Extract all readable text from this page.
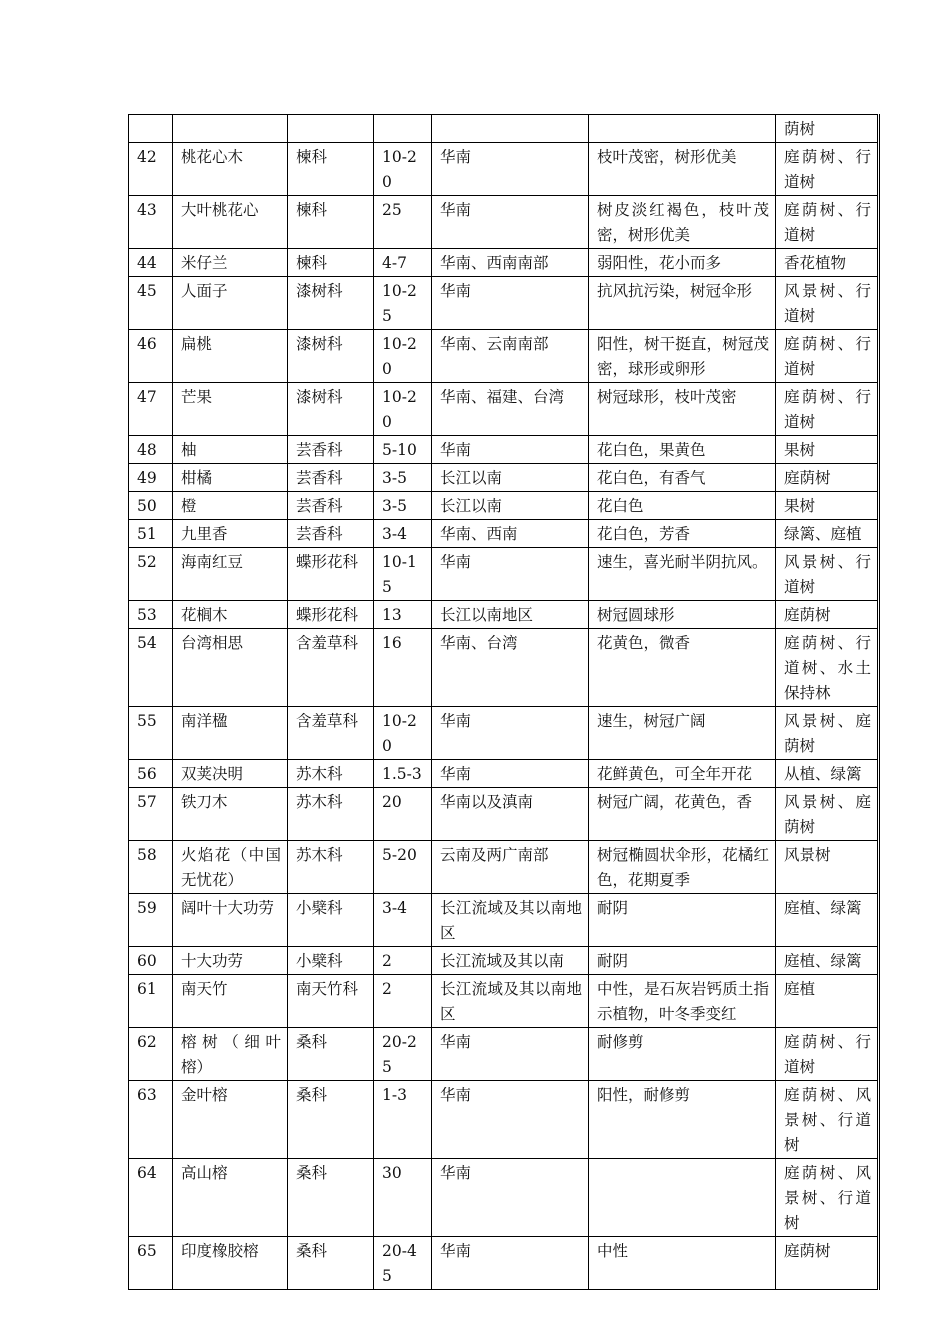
						荫树
42	桃花心木	楝科	10-20	华南	枝叶茂密，树形优美	庭荫树、行道树
43	大叶桃花心	楝科	25	华南	树皮淡红褐色，枝叶茂密，树形优美	庭荫树、行道树
44	米仔兰	楝科	4-7	华南、西南南部	弱阳性，花小而多	香花植物
45	人面子	漆树科	10-25	华南	抗风抗污染，树冠伞形	风景树、行道树
46	扁桃	漆树科	10-20	华南、云南南部	阳性，树干挺直，树冠茂密，球形或卵形	庭荫树、行道树
47	芒果	漆树科	10-20	华南、福建、台湾	树冠球形，枝叶茂密	庭荫树、行道树
48	柚	芸香科	5-10	华南	花白色，果黄色	果树
49	柑橘	芸香科	3-5	长江以南	花白色，有香气	庭荫树
50	橙	芸香科	3-5	长江以南	花白色	果树
51	九里香	芸香科	3-4	华南、西南	花白色，芳香	绿篱、庭植
52	海南红豆	蝶形花科	10-15	华南	速生，喜光耐半阴抗风。	风景树、行道树
53	花榈木	蝶形花科	13	长江以南地区	树冠圆球形	庭荫树
54	台湾相思	含羞草科	16	华南、台湾	花黄色，微香	庭荫树、行道树、水土保持林
55	南洋楹	含羞草科	10-20	华南	速生，树冠广阔	风景树、庭荫树
56	双荚决明	苏木科	1.5-3	华南	花鲜黄色，可全年开花	从植、绿篱
57	铁刀木	苏木科	20	华南以及滇南	树冠广阔，花黄色，香	风景树、庭荫树
58	火焰花（中国无忧花）	苏木科	5-20	云南及两广南部	树冠椭圆状伞形，花橘红色，花期夏季	风景树
59	阔叶十大功劳	小檗科	3-4	长江流域及其以南地区	耐阴	庭植、绿篱
60	十大功劳	小檗科	2	长江流域及其以南	耐阴	庭植、绿篱
61	南天竹	南天竹科	2	长江流域及其以南地区	中性，是石灰岩钙质土指示植物，叶冬季变红	庭植
62	榕树（细叶榕）	桑科	20-25	华南	耐修剪	庭荫树、行道树
63	金叶榕	桑科	1-3	华南	阳性，耐修剪	庭荫树、风景树、行道树
64	高山榕	桑科	30	华南		庭荫树、风景树、行道树
65	印度橡胶榕	桑科	20-45	华南	中性	庭荫树
